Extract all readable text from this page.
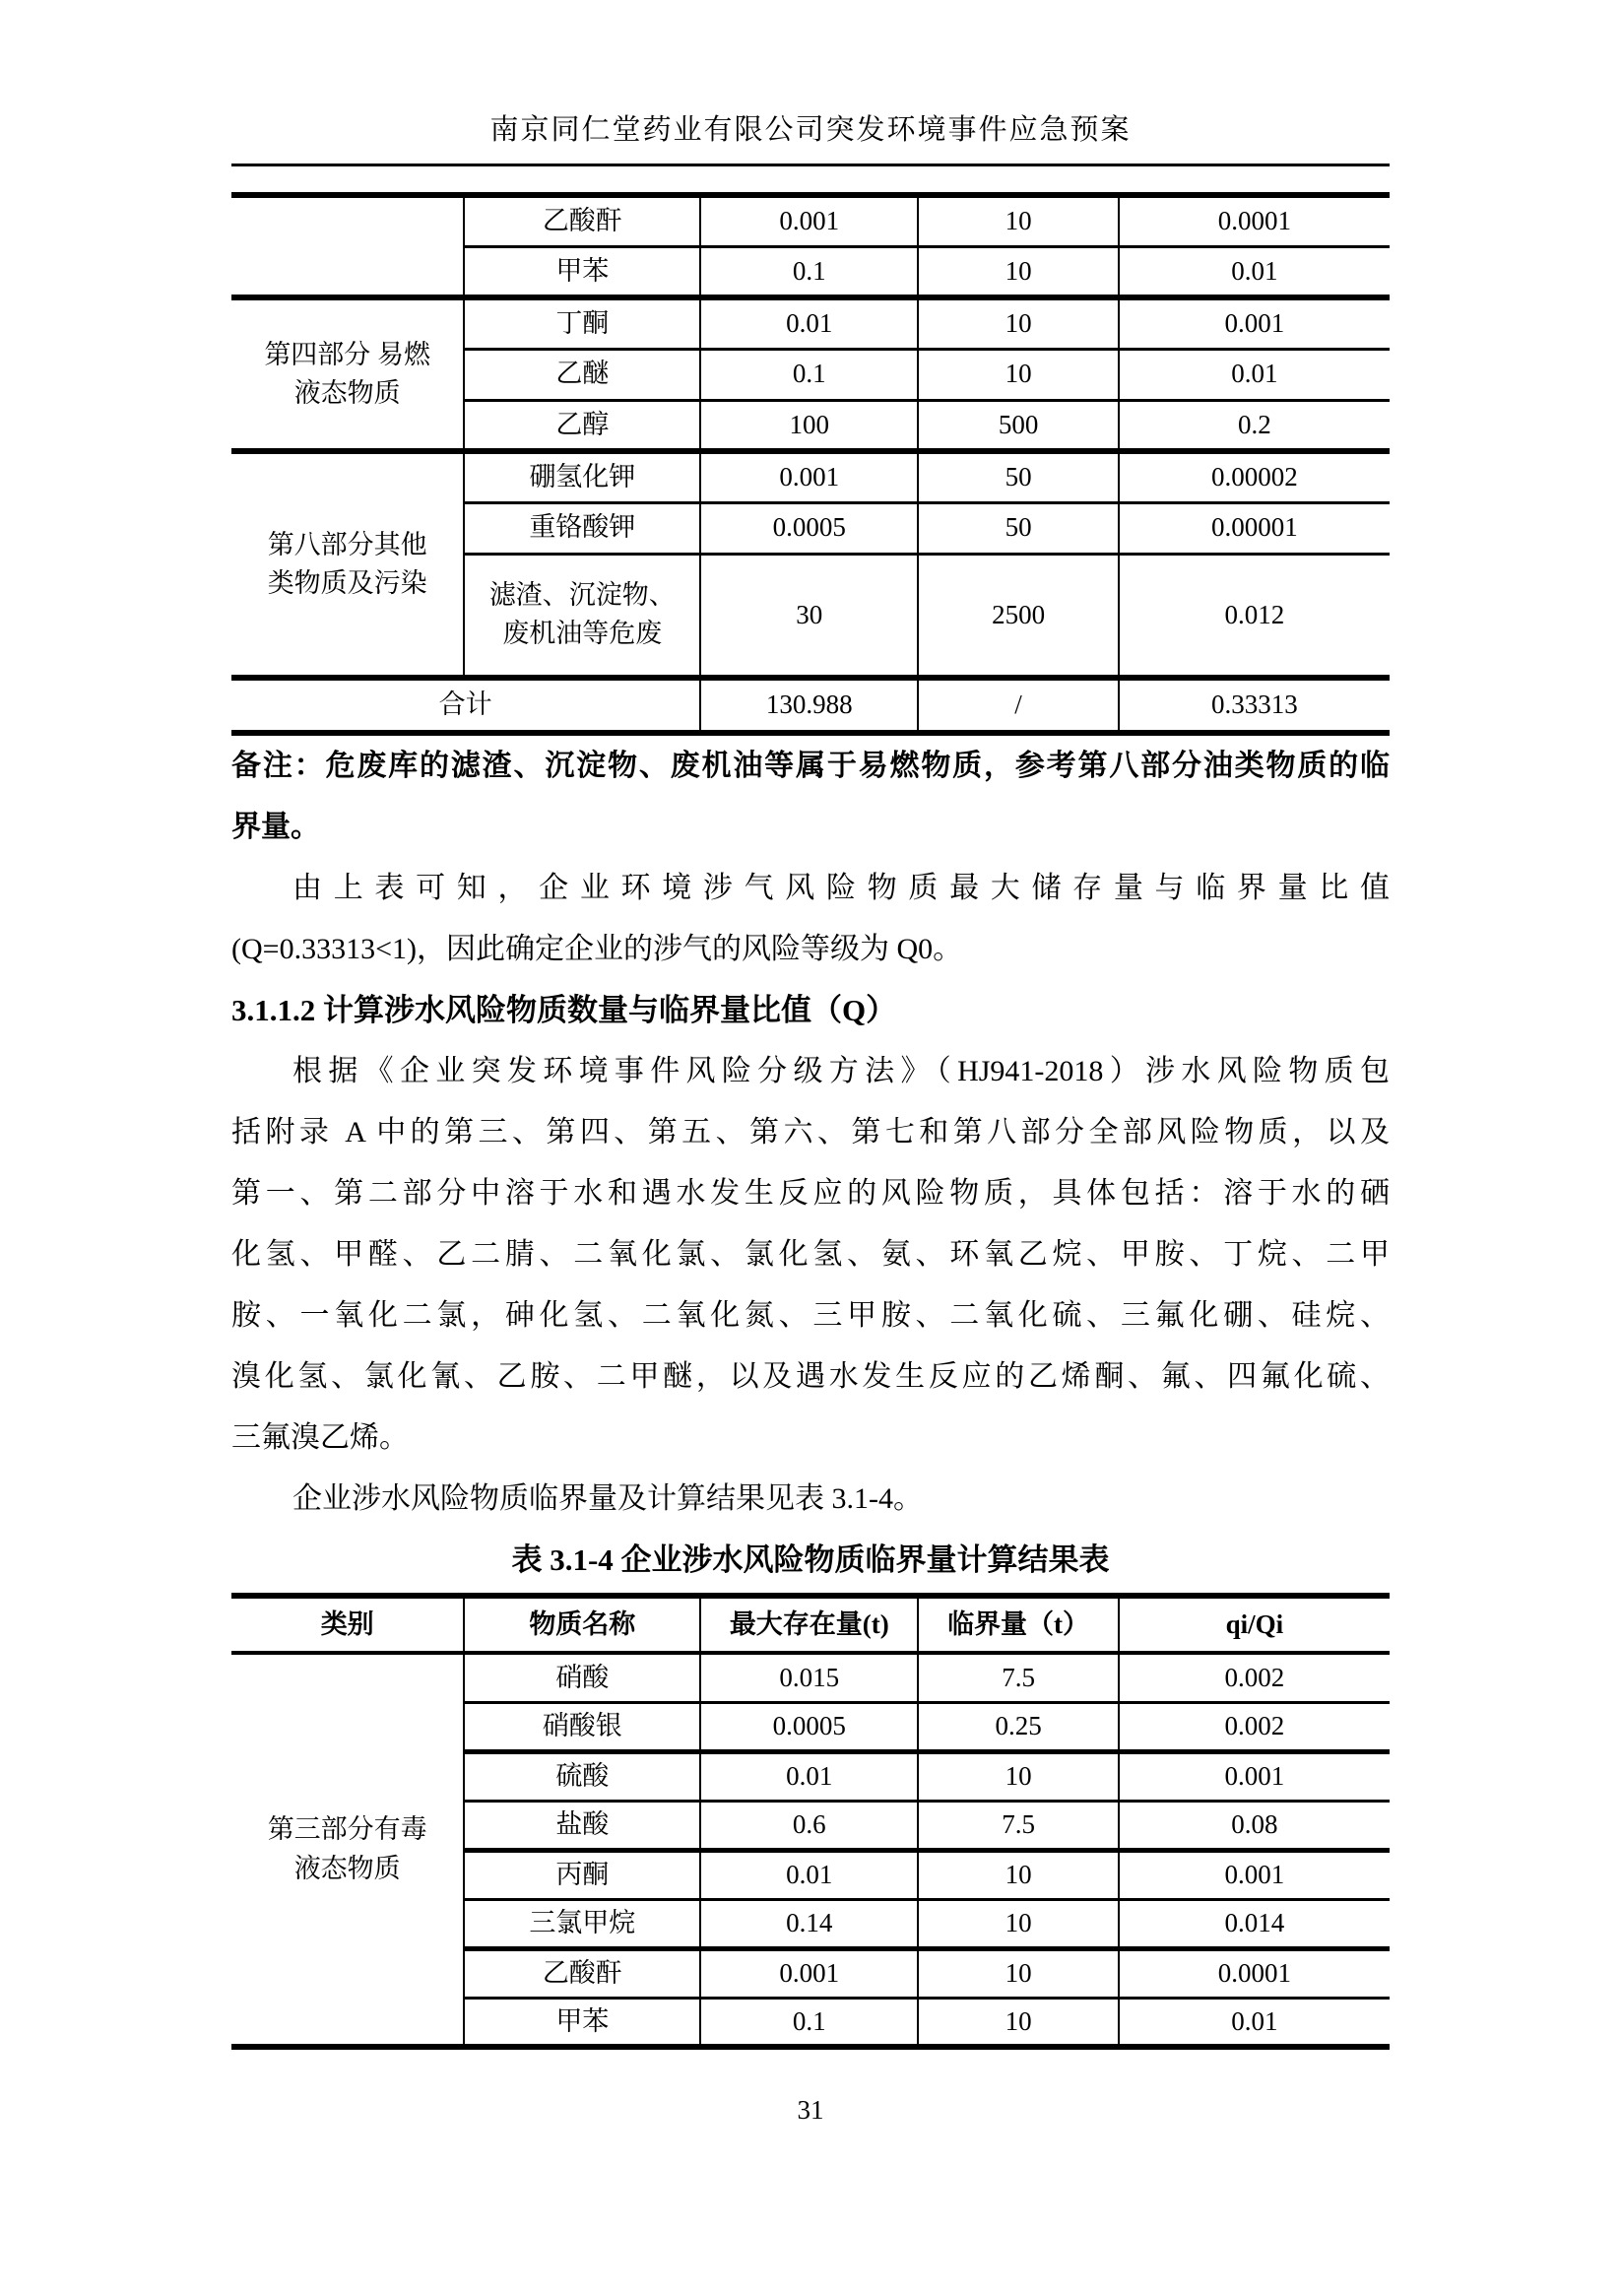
南京同仁堂药业有限公司突发环境事件应急预案
	乙酸酐	0.001	10	0.0001
	甲苯	0.1	10	0.01
第四部分 易燃
液态物质	丁酮	0.01	10	0.001
	乙醚	0.1	10	0.01
	乙醇	100	500	0.2
第八部分其他
类物质及污染	硼氢化钾	0.001	50	0.00002
	重铬酸钾	0.0005	50	0.00001
	滤渣、沉淀物、
废机油等危废	30	2500	0.012
合计		130.988	/	0.33313
备注：危废库的滤渣、沉淀物、废机油等属于易燃物质，参考第八部分油类物质的临
界量。
由上表可知，企业环境涉气风险物质最大储存量与临界量比值
(Q=0.33313<1)，因此确定企业的涉气的风险等级为 Q0。
3.1.1.2 计算涉水风险物质数量与临界量比值（Q）
根据《企业突发环境事件风险分级方法》（HJ941-2018）涉水风险物质包
括附录 A 中的第三、第四、第五、第六、第七和第八部分全部风险物质，以及
第一、第二部分中溶于水和遇水发生反应的风险物质，具体包括：溶于水的硒
化氢、甲醛、乙二腈、二氧化氯、氯化氢、氨、环氧乙烷、甲胺、丁烷、二甲
胺、一氧化二氯，砷化氢、二氧化氮、三甲胺、二氧化硫、三氟化硼、硅烷、
溴化氢、氯化氰、乙胺、二甲醚，以及遇水发生反应的乙烯酮、氟、四氟化硫、
三氟溴乙烯。
企业涉水风险物质临界量及计算结果见表 3.1-4。
表 3.1-4 企业涉水风险物质临界量计算结果表
类别	物质名称	最大存在量(t)	临界量（t）	qi/Qi
第三部分有毒
液态物质	硝酸	0.015	7.5	0.002
	硝酸银	0.0005	0.25	0.002
	硫酸	0.01	10	0.001
	盐酸	0.6	7.5	0.08
	丙酮	0.01	10	0.001
	三氯甲烷	0.14	10	0.014
	乙酸酐	0.001	10	0.0001
	甲苯	0.1	10	0.01
31
